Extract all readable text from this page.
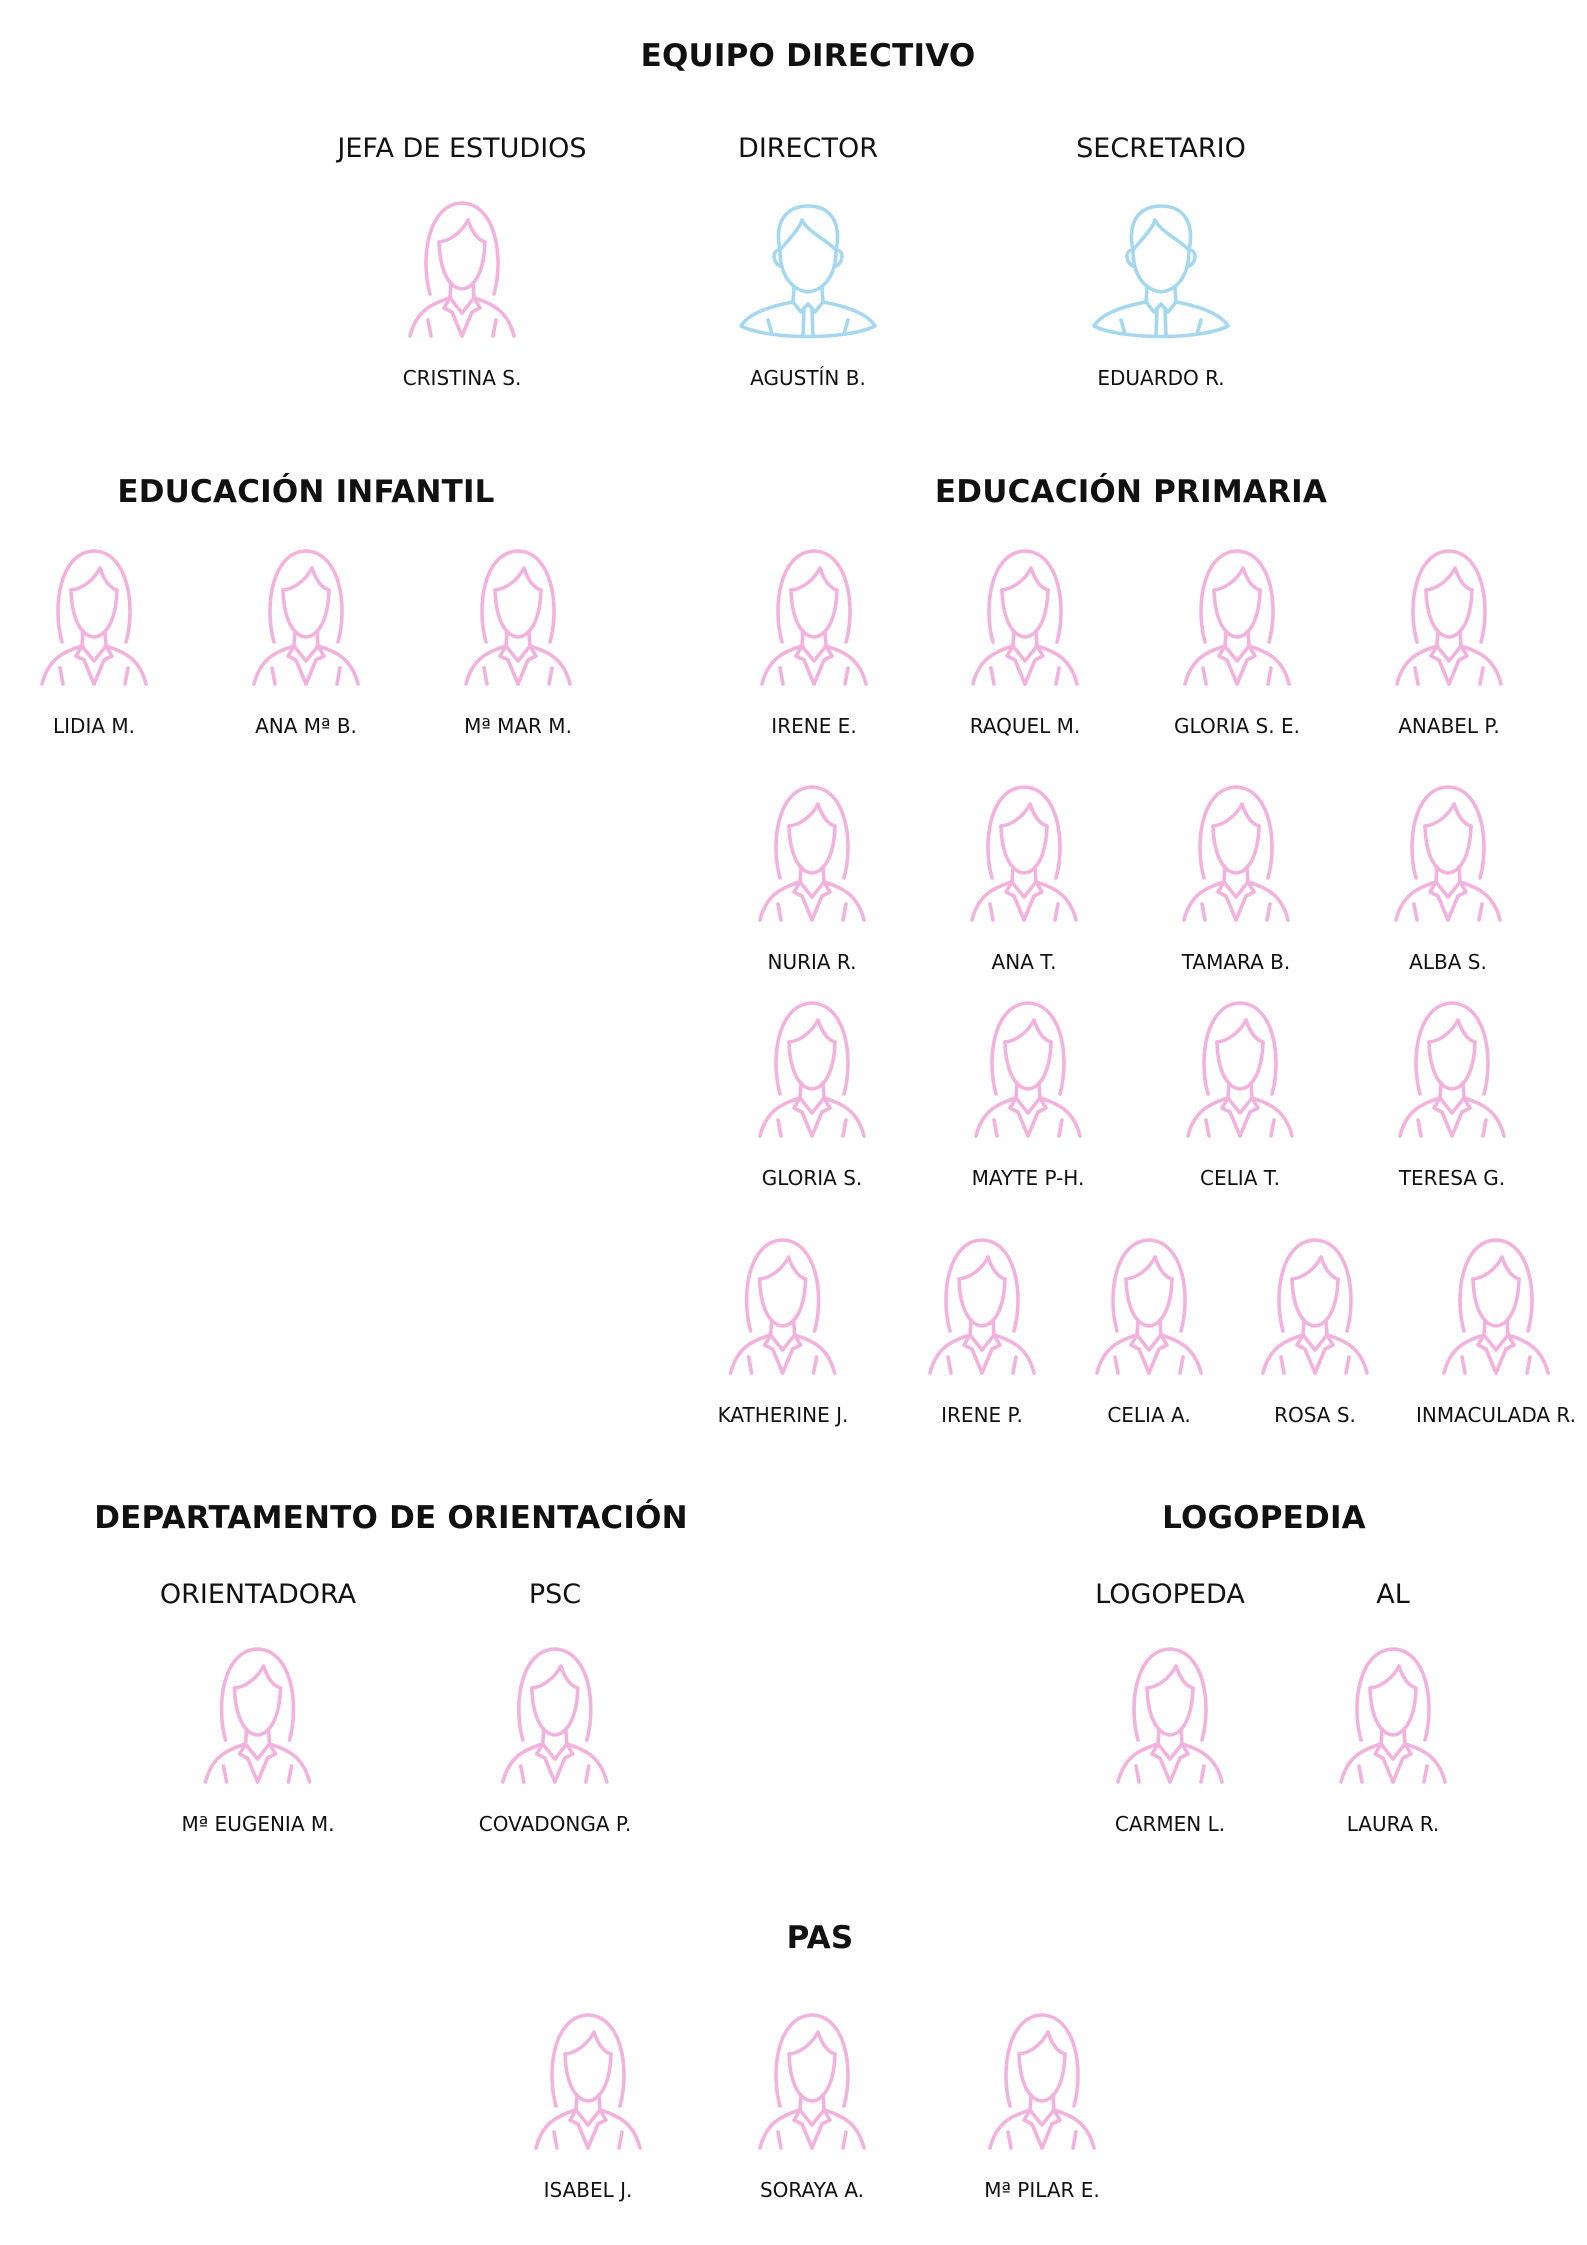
EQUIPO DIRECTIVO
JEFA DE ESTUDIOS
CRISTINA S.
DIRECTOR
AGUSTÍN B.
SECRETARIO
EDUARDO R.
EDUCACIÓN INFANTIL
LIDIA M.	ANA Mª B.	Mª MAR M.
EDUCACIÓN PRIMARIA
IRENE E.	RAQUEL M.	GLORIA S. E.	ANABEL P.
NURIA R.	ANA T.	TAMARA B.	ALBA S.
GLORIA S.	MAYTE P-H.	CELIA T.	TERESA G.
KATHERINE J.	IRENE P.	CELIA A.	ROSA S.	INMACULADA R.
DEPARTAMENTO DE ORIENTACIÓN
ORIENTADORA
Mª EUGENIA M.
PSC
COVADONGA P.
LOGOPEDIA
LOGOPEDA
CARMEN L.
AL
LAURA R.
PAS
ISABEL J.	SORAYA A.	Mª PILAR E.
